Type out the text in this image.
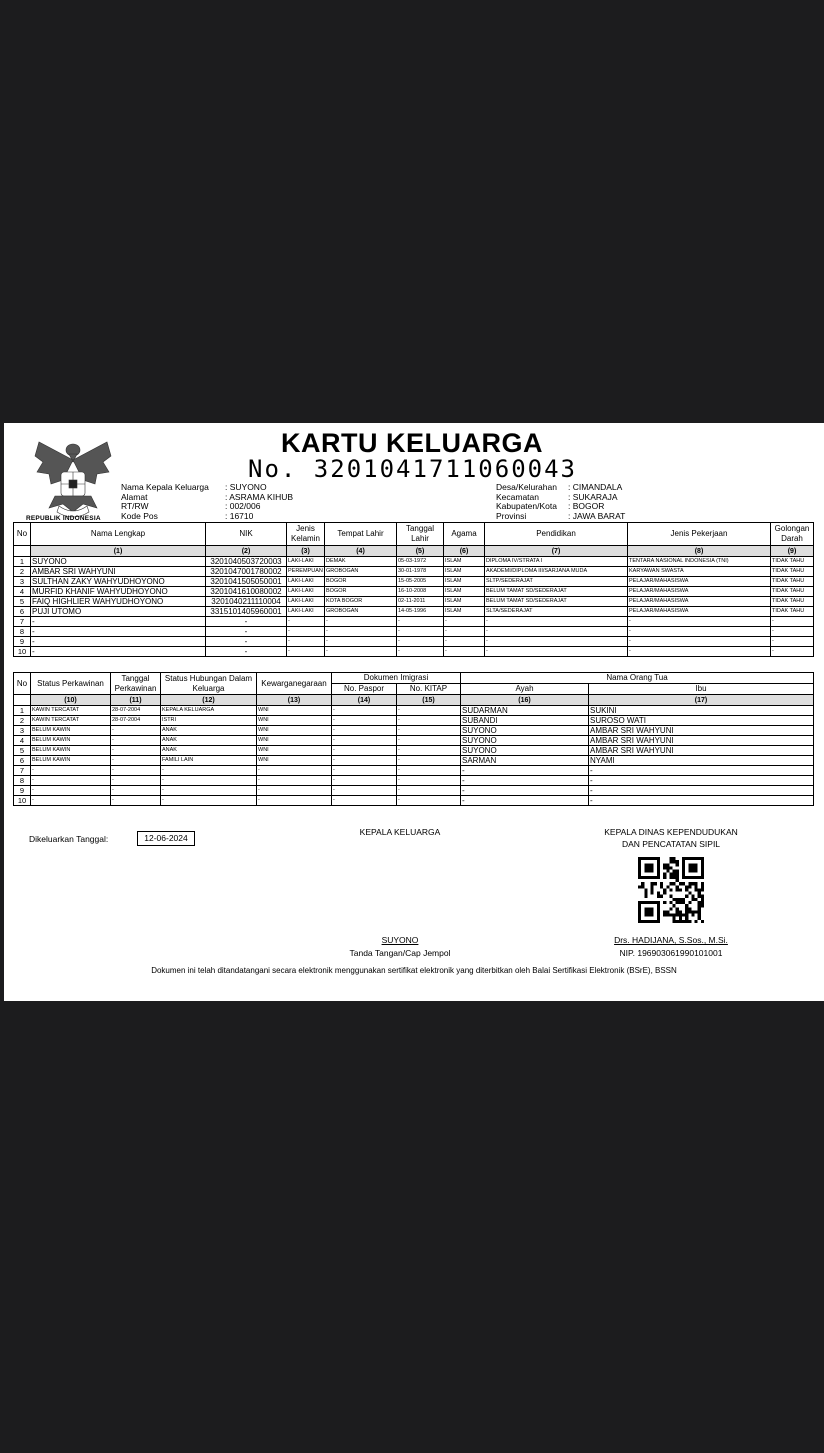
REPUBLIK INDONESIA
KARTU KELUARGA
No. 3201041711060043
Nama Kepala Keluarga	: SUYONO
Alamat	: ASRAMA KIHUB
RT/RW	: 002/006
Kode Pos	: 16710
Desa/Kelurahan	: CIMANDALA
Kecamatan	: SUKARAJA
Kabupaten/Kota	: BOGOR
Provinsi	: JAWA BARAT
No	Nama Lengkap	NIK	Jenis Kelamin	Tempat Lahir	Tanggal Lahir	Agama	Pendidikan	Jenis Pekerjaan	Golongan Darah
	(1)	(2)	(3)	(4)	(5)	(6)	(7)	(8)	(9)
1	SUYONO	3201040503720003	LAKI-LAKI	DEMAK	05-03-1972	ISLAM	DIPLOMA IV/STRATA I	TENTARA NASIONAL INDONESIA (TNI)	TIDAK TAHU
2	AMBAR SRI WAHYUNI	3201047001780002	PEREMPUAN	GROBOGAN	30-01-1978	ISLAM	AKADEMI/DIPLOMA III/SARJANA MUDA	KARYAWAN SWASTA	TIDAK TAHU
3	SULTHAN ZAKY WAHYUDHOYONO	3201041505050001	LAKI-LAKI	BOGOR	15-05-2005	ISLAM	SLTP/SEDERAJAT	PELAJAR/MAHASISWA	TIDAK TAHU
4	MURFID KHANIF WAHYUDHOYONO	3201041610080002	LAKI-LAKI	BOGOR	16-10-2008	ISLAM	BELUM TAMAT SD/SEDERAJAT	PELAJAR/MAHASISWA	TIDAK TAHU
5	FAIQ HIGHLIER WAHYUDHOYONO	3201040211110004	LAKI-LAKI	KOTA BOGOR	02-11-2011	ISLAM	BELUM TAMAT SD/SEDERAJAT	PELAJAR/MAHASISWA	TIDAK TAHU
6	PUJI UTOMO	3315101405960001	LAKI-LAKI	GROBOGAN	14-05-1996	ISLAM	SLTA/SEDERAJAT	PELAJAR/MAHASISWA	TIDAK TAHU
7	-	-	-	-	-	-	-	-	-
8	-	-	-	-	-	-	-	-	-
9	-	-	-	-	-	-	-	-	-
10	-	-	-	-	-	-	-	-	-
No	Status Perkawinan	Tanggal Perkawinan	Status Hubungan Dalam Keluarga	Kewarganegaraan	Dokumen Imigrasi		Nama Orang Tua	
					No. Paspor	No. KITAP	Ayah	Ibu
	(10)	(11)	(12)	(13)	(14)	(15)	(16)	(17)
1	KAWIN TERCATAT	28-07-2004	KEPALA KELUARGA	WNI	-	-	SUDARMAN	SUKINI
2	KAWIN TERCATAT	28-07-2004	ISTRI	WNI	-	-	SUBANDI	SUROSO WATI
3	BELUM KAWIN	-	ANAK	WNI	-	-	SUYONO	AMBAR SRI WAHYUNI
4	BELUM KAWIN	-	ANAK	WNI	-	-	SUYONO	AMBAR SRI WAHYUNI
5	BELUM KAWIN	-	ANAK	WNI	-	-	SUYONO	AMBAR SRI WAHYUNI
6	BELUM KAWIN	-	FAMILI LAIN	WNI	-	-	SARMAN	NYAMI
7	-	-	-	-	-	-	-	-
8	-	-	-	-	-	-	-	-
9	-	-	-	-	-	-	-	-
10	-	-	-	-	-	-	-	-
Dikeluarkan Tanggal:	12-06-2024
KEPALA KELUARGA
SUYONO
Tanda Tangan/Cap Jempol
KEPALA DINAS KEPENDUDUKAN
DAN PENCATATAN SIPIL
Drs. HADIJANA, S.Sos., M.Si.
NIP. 196903061990101001
Dokumen ini telah ditandatangani secara elektronik menggunakan sertifikat elektronik yang diterbitkan oleh Balai Sertifikasi Elektronik (BSrE), BSSN
